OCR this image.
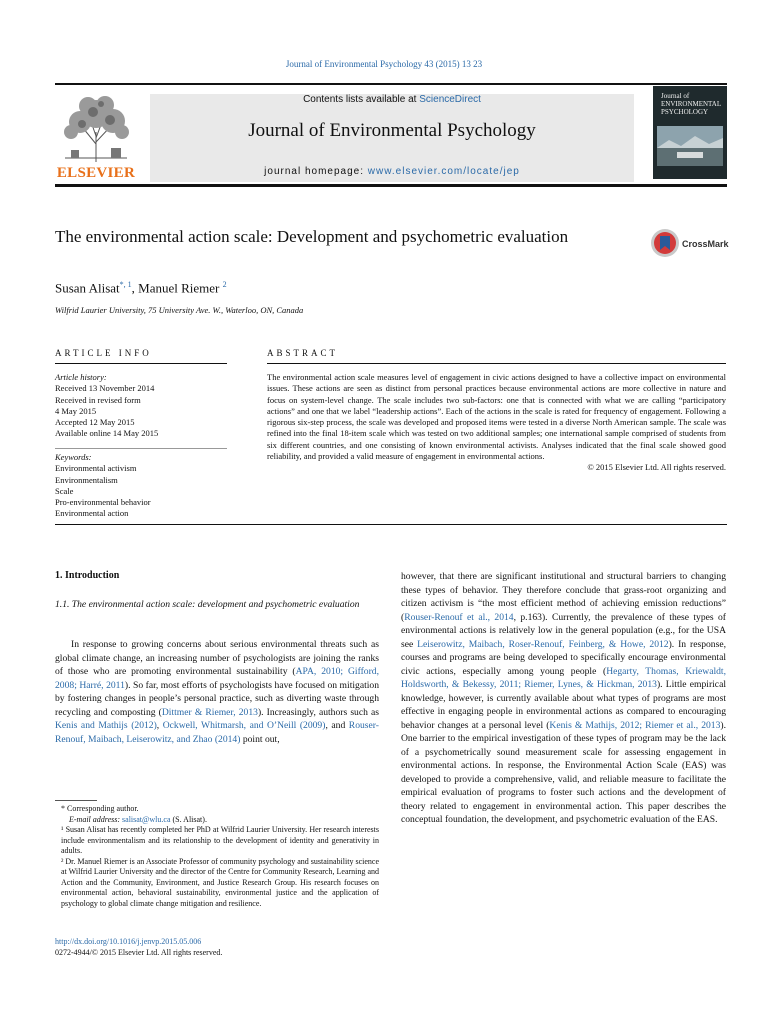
Journal of Environmental Psychology 43 (2015) 13 23
ELSEVIER
Contents lists available at ScienceDirect
Journal of Environmental Psychology
journal homepage: www.elsevier.com/locate/jep
Journal of ENVIRONMENTAL PSYCHOLOGY
The environmental action scale: Development and psychometric evaluation	CrossMark
Susan Alisat$^{*, 1}$, Manuel Riemer $^2$
Wilfrid Laurier University, 75 University Ave. W., Waterloo, ON, Canada
ARTICLE INFO
Article history:
Received 13 November 2014
Received in revised form
4 May 2015
Accepted 12 May 2015
Available online 14 May 2015
Keywords:
Environmental activism
Environmentalism
Scale
Pro-environmental behavior
Environmental action
ABSTRACT
The environmental action scale measures level of engagement in civic actions designed to have a collective impact on environmental issues. These actions are seen as distinct from personal practices because environmental actions are more collective in nature and focus on system-level change. The scale includes two sub-factors: one that is connected with what we are calling “participatory actions” and one that we label “leadership actions”. Each of the actions in the scale is rated for frequency of engagement. Following a rigorous six-step process, the scale was developed and proposed items were tested in a diverse North American sample. The scale was refined into the final 18-item scale which was tested on two additional samples; one international sample comprised of students from six different countries, and one consisting of known environmental activists. Analyses indicated that the final scale showed good reliability, and provided a valid measure of engagement in environmental actions.
© 2015 Elsevier Ltd. All rights reserved.
1. Introduction
1.1. The environmental action scale: development and psychometric evaluation
In response to growing concerns about serious environmental threats such as global climate change, an increasing number of psychologists are joining the ranks of those who are promoting environmental sustainability (APA, 2010; Gifford, 2008; Harré, 2011). So far, most efforts of psychologists have focused on mitigation by fostering changes in people’s personal practice, such as diverting waste through recycling and composting (Dittmer & Riemer, 2013). Increasingly, authors such as Kenis and Mathijs (2012), Ockwell, Whitmarsh, and O’Neill (2009), and Rouser-Renouf, Maibach, Leiserowitz, and Zhao (2014) point out,
however, that there are significant institutional and structural barriers to changing these types of behavior. They therefore conclude that grass-root organizing and citizen activism is “the most efficient method of achieving emission reductions” (Rouser-Renouf et al., 2014, p.163). Currently, the prevalence of these types of environmental actions is relatively low in the general population (e.g., for the USA see Leiserowitz, Maibach, Roser-Renouf, Feinberg, & Howe, 2012). In response, courses and programs are being developed to specifically encourage environmental civic actions, especially among young people (Hegarty, Thomas, Kriewaldt, Holdsworth, & Bekessy, 2011; Riemer, Lynes, & Hickman, 2013). Little empirical knowledge, however, is currently available about what types of programs are most effective in engaging people in environmental actions as compared to encouraging behavior changes at a personal level (Kenis & Mathijs, 2012; Riemer et al., 2013). One barrier to the empirical investigation of these types of program may be the lack of a psychometrically sound measurement scale for assessing engagement in environmental actions. In response, the Environmental Action Scale (EAS) was developed to provide a comprehensive, valid, and reliable measure to facilitate the empirical evaluation of programs to foster such actions and the development of theory related to engagement in environmental action. This paper describes the conceptual foundation, the development, and psychometric evaluation of the EAS.
* Corresponding author.
E-mail address: salisat@wlu.ca (S. Alisat).
¹ Susan Alisat has recently completed her PhD at Wilfrid Laurier University. Her research interests include environmentalism and its relationship to the development of identity and generativity in adults.
² Dr. Manuel Riemer is an Associate Professor of community psychology and sustainability science at Wilfrid Laurier University and the director of the Centre for Community Research, Learning and Action and the Community, Environment, and Justice Research Group. His research focuses on environmental action, behavioral sustainability, environmental justice and the application of psychology to global climate change mitigation and resilience.
http://dx.doi.org/10.1016/j.jenvp.2015.05.006
0272-4944/© 2015 Elsevier Ltd. All rights reserved.
